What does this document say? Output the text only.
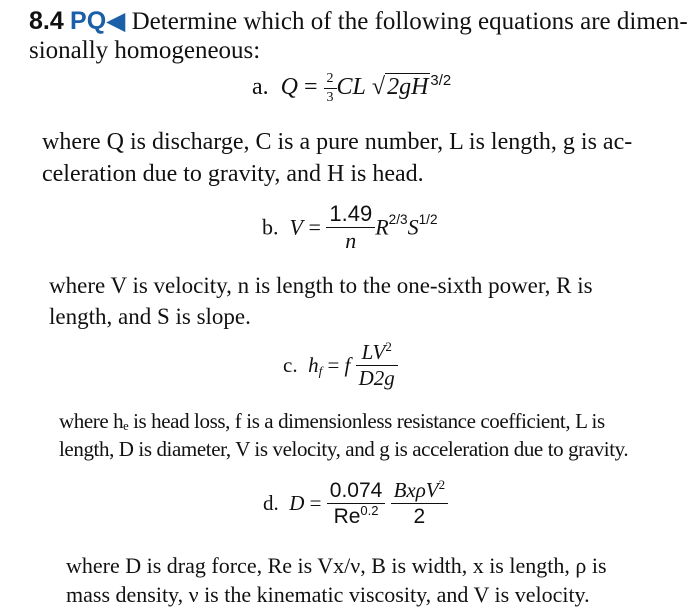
8.4 PQ◀ Determine which of the following equations are dimen-
sionally homogeneous:
a. $Q = \frac{2}{3}$ CL √2gH $^{3/2}$
where Q is discharge, C is a pure number, L is length, g is ac-
celeration due to gravity, and H is head.
b. $V = \frac{1.49}{n} R^{2/3}S^{1/2}$
where V is velocity, n is length to the one-sixth power, R is
length, and S is slope.
c. $h_f = f \frac{LV^2}{D2g}$
where hₑ is head loss, f is a dimensionless resistance coefficient, L is
length, D is diameter, V is velocity, and g is acceleration due to gravity.
d. $D = \frac{0.074}{Re^{0.2}}$
$\frac{Bx\rho V^2}{2}$
where D is drag force, Re is Vx/ν, B is width, x is length, ρ is
mass density, ν is the kinematic viscosity, and V is velocity.
